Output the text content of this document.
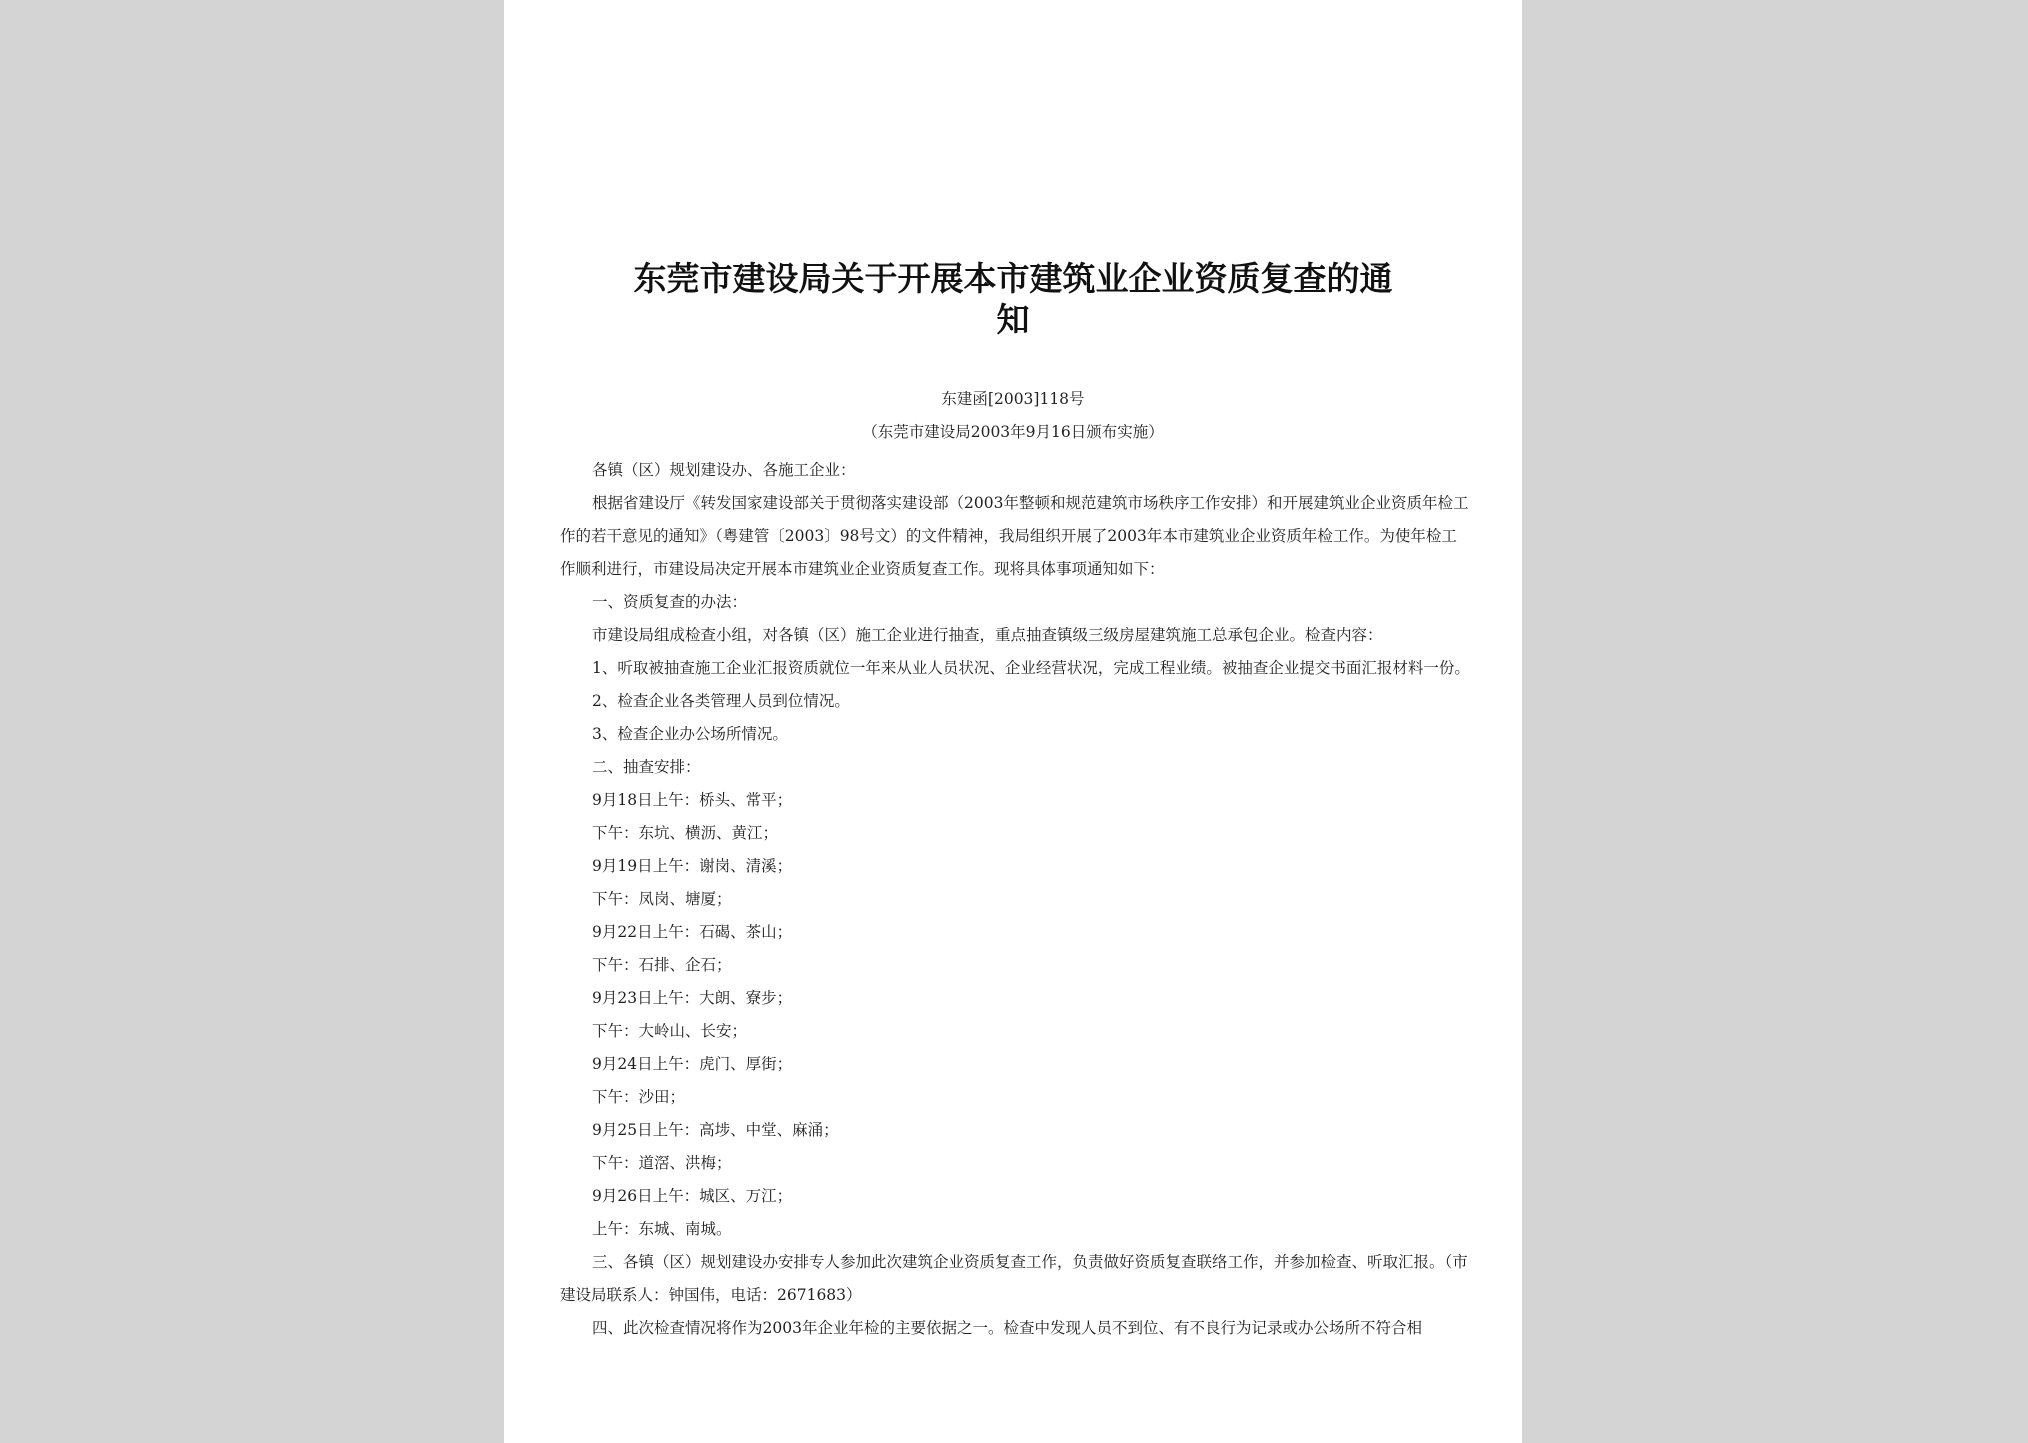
东莞市建设局关于开展本市建筑业企业资质复查的通
知
东建函[2003]118号
（东莞市建设局2003年9月16日颁布实施）

各镇（区）规划建设办、各施工企业：

根据省建设厅《转发国家建设部关于贯彻落实建设部（2003年整顿和规范建筑市场秩序工作安排）和开展建筑业企业资质年检工作的若干意见的通知》（粤建管〔2003〕98号文）的文件精神，我局组织开展了2003年本市建筑业企业资质年检工作。为使年检工作顺利进行，市建设局决定开展本市建筑业企业资质复查工作。现将具体事项通知如下：

一、资质复查的办法：

市建设局组成检查小组，对各镇（区）施工企业进行抽查，重点抽查镇级三级房屋建筑施工总承包企业。检查内容：

1、听取被抽查施工企业汇报资质就位一年来从业人员状况、企业经营状况，完成工程业绩。被抽查企业提交书面汇报材料一份。

2、检查企业各类管理人员到位情况。

3、检查企业办公场所情况。

二、抽查安排：

9月18日上午：桥头、常平；

下午：东坑、横沥、黄江；

9月19日上午：谢岗、清溪；

下午：凤岗、塘厦；

9月22日上午：石碣、茶山；

下午：石排、企石；

9月23日上午：大朗、寮步；

下午：大岭山、长安；

9月24日上午：虎门、厚街；

下午：沙田；

9月25日上午：高埗、中堂、麻涌；

下午：道滘、洪梅；

9月26日上午：城区、万江；

上午：东城、南城。

三、各镇（区）规划建设办安排专人参加此次建筑企业资质复查工作，负责做好资质复查联络工作，并参加检查、听取汇报。（市建设局联系人：钟国伟，电话：2671683）

四、此次检查情况将作为2003年企业年检的主要依据之一。检查中发现人员不到位、有不良行为记录或办公场所不符合相
